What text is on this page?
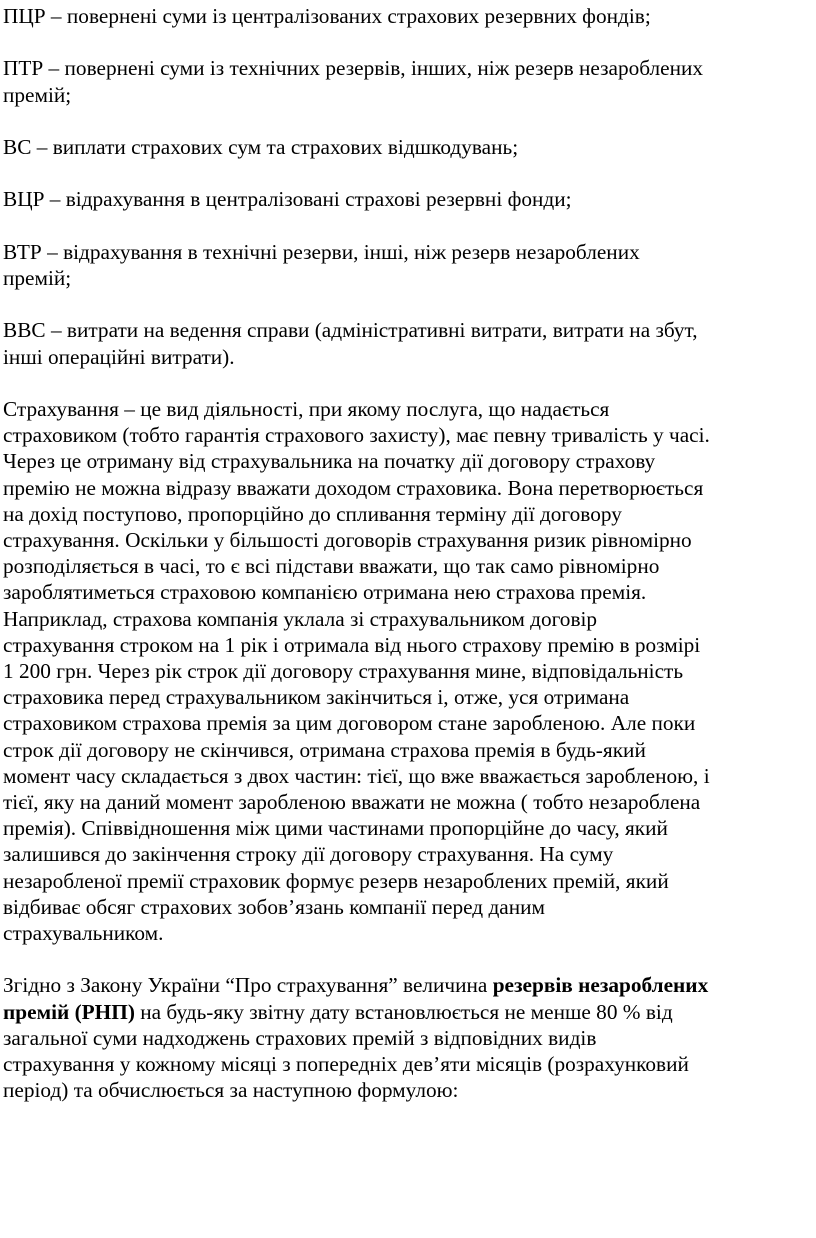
ПЦР – повернені суми із централізованих страхових резервних фондів;
ПТР – повернені суми із технічних резервів, інших, ніж резерв незароблених
премій;
ВС – виплати страхових сум та страхових відшкодувань;
ВЦР – відрахування в централізовані страхові резервні фонди;
ВТР – відрахування в технічні резерви, інші, ніж резерв незароблених
премій;
ВВС – витрати на ведення справи (адміністративні витрати, витрати на збут,
інші операційні витрати).
Страхування – це вид діяльності, при якому послуга, що надається
страховиком (тобто гарантія страхового захисту), має певну тривалість у часі.
Через це отриману від страхувальника на початку дії договору страхову
премію не можна відразу вважати доходом страховика. Вона перетворюється
на дохід поступово, пропорційно до спливання терміну дії договору
страхування. Оскільки у більшості договорів страхування ризик рівномірно
розподіляється в часі, то є всі підстави вважати, що так само рівномірно
зароблятиметься страховою компанією отримана нею страхова премія.
Наприклад, страхова компанія уклала зі страхувальником договір
страхування строком на 1 рік і отримала від нього страхову премію в розмірі
1 200 грн. Через рік строк дії договору страхування мине, відповідальність
страховика перед страхувальником закінчиться і, отже, уся отримана
страховиком страхова премія за цим договором стане заробленою. Але поки
строк дії договору не скінчився, отримана страхова премія в будь-який
момент часу складається з двох частин: тієї, що вже вважається заробленою, і
тієї, яку на даний момент заробленою вважати не можна ( тобто незароблена
премія). Співвідношення між цими частинами пропорційне до часу, який
залишився до закінчення строку дії договору страхування. На суму
незаробленої премії страховик формує резерв незароблених премій, який
відбиває обсяг страхових зобов’язань компанії перед даним
страхувальником.
Згідно з Закону України “Про страхування” величина резервів незароблених
премій (РНП) на будь-яку звітну дату встановлюється не менше 80 % від
загальної суми надходжень страхових премій з відповідних видів
страхування у кожному місяці з попередніх дев’яти місяців (розрахунковий
період) та обчислюється за наступною формулою:
